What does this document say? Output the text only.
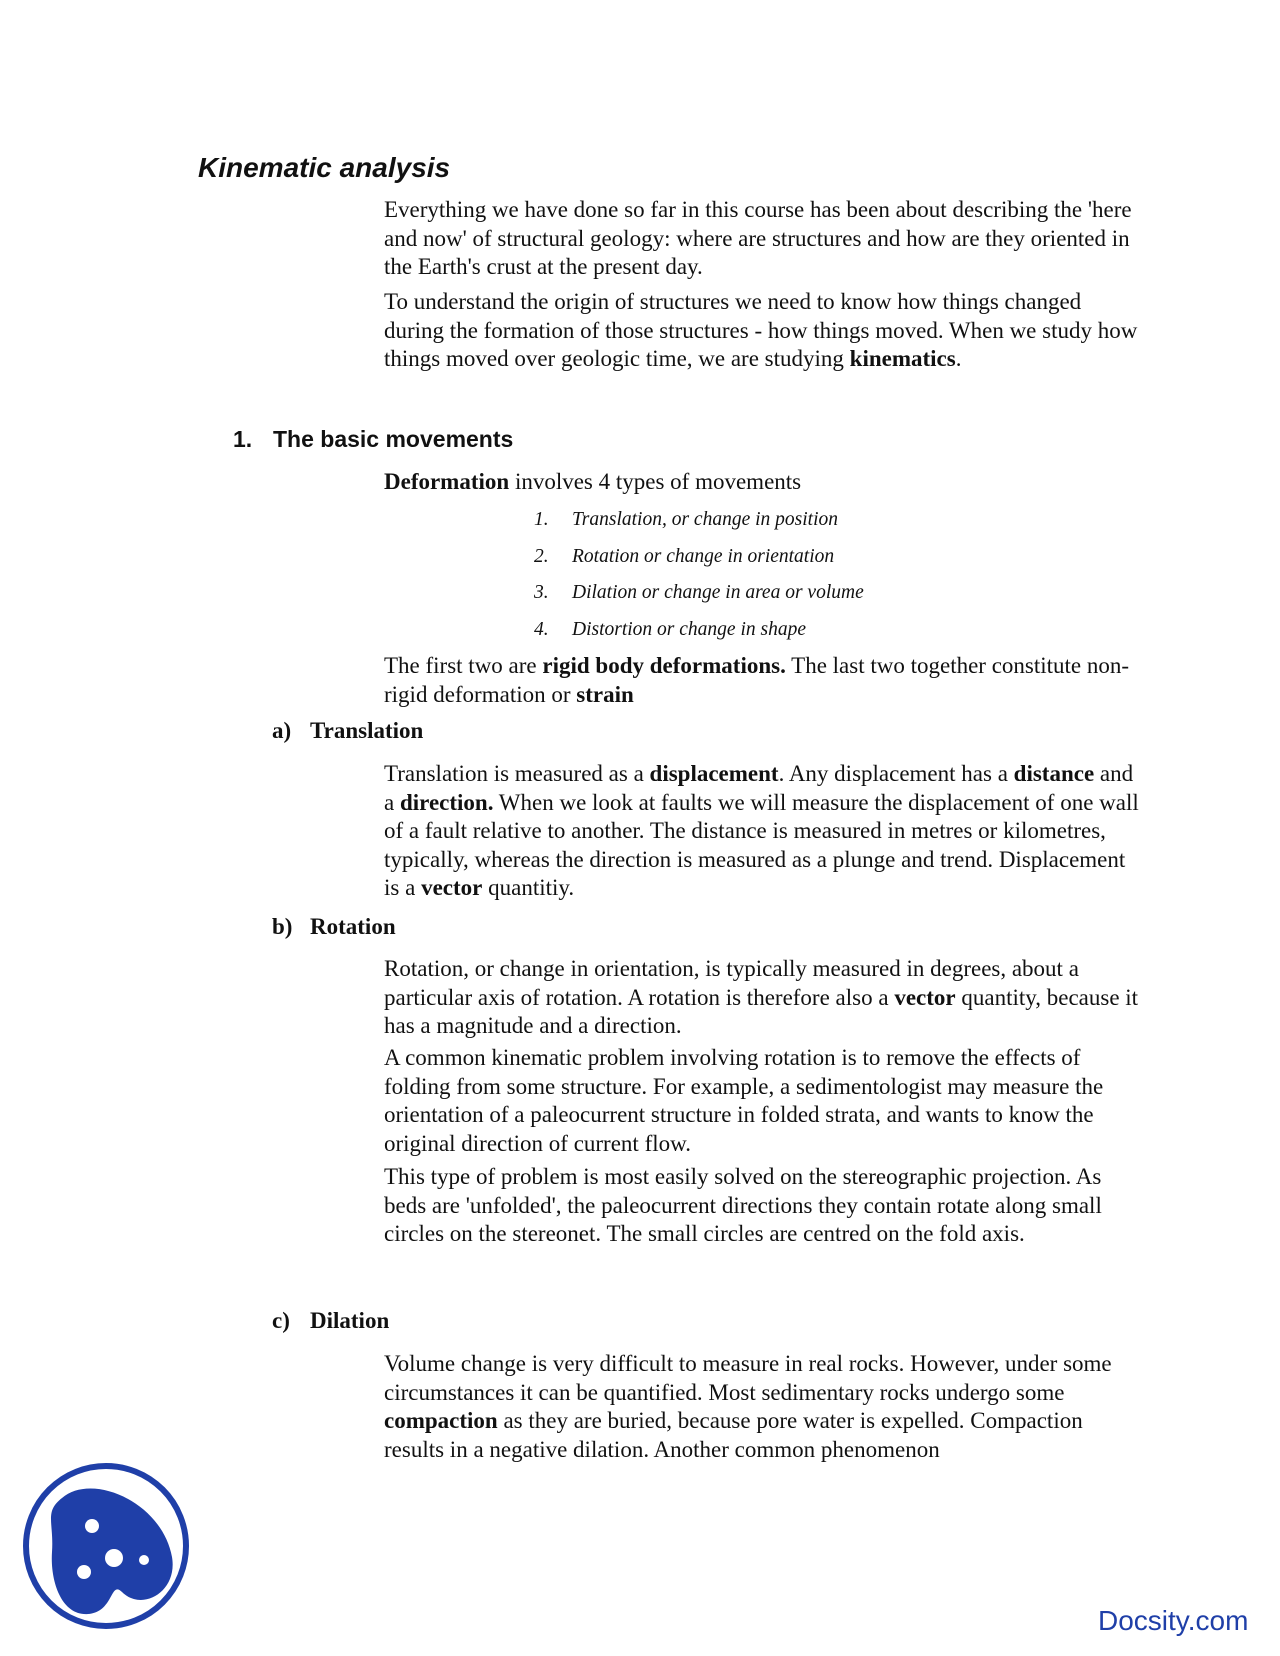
Kinematic analysis

Everything we have done so far in this course has been about describing the 'here and now' of structural geology: where are structures and how are they oriented in the Earth's crust at the present day.

To understand the origin of structures we need to know how things changed during the formation of those structures - how things moved. When we study how things moved over geologic time, we are studying kinematics.

1. The basic movements

Deformation involves 4 types of movements

1. Translation, or change in position
2. Rotation or change in orientation
3. Dilation or change in area or volume
4. Distortion or change in shape

The first two are rigid body deformations. The last two together constitute non-rigid deformation or strain

a) Translation

Translation is measured as a displacement. Any displacement has a distance and a direction. When we look at faults we will measure the displacement of one wall of a fault relative to another. The distance is measured in metres or kilometres, typically, whereas the direction is measured as a plunge and trend. Displacement is a vector quantitiy.

b) Rotation

Rotation, or change in orientation, is typically measured in degrees, about a particular axis of rotation. A rotation is therefore also a vector quantity, because it has a magnitude and a direction.

A common kinematic problem involving rotation is to remove the effects of folding from some structure. For example, a sedimentologist may measure the orientation of a paleocurrent structure in folded strata, and wants to know the original direction of current flow.

This type of problem is most easily solved on the stereographic projection. As beds are 'unfolded', the paleocurrent directions they contain rotate along small circles on the stereonet. The small circles are centred on the fold axis.

c) Dilation

Volume change is very difficult to measure in real rocks. However, under some circumstances it can be quantified. Most sedimentary rocks undergo some compaction as they are buried, because pore water is expelled. Compaction results in a negative dilation. Another common phenomenon

Docsity.com
